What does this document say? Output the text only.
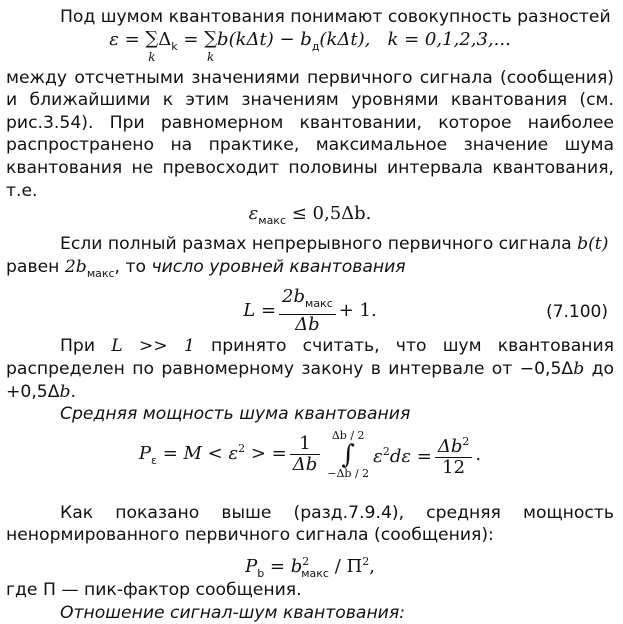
Под шумом квантования понимают совокупность разностей

ε = ∑
k
$\Delta_k$ = ∑
k
$b(k\Delta t) - b_д(k\Delta t)$, k = 0,1,2,3,...

между отсчетными значениями первичного сигнала (сообщения) и ближайшими к этим значениям уровнями квантования (см. рис.3.54). При равномерном квантовании, которое наиболее распространено на практике, максимальное значение шума квантования не превосходит половины интервала квантования, т.е.

$\varepsilon_{макс} \le 0,5\Delta b$.

Если полный размах непрерывного первичного сигнала b(t)

равен $2b_{макс}$, то число уровней квантования

$L = \frac{2b_{макс}}{\Delta b} + 1$.	(7.100)

При L >> 1 принято считать, что шум квантования распределен по равномерному закону в интервале от −0,5Δb до +0,5Δb.

Средняя мощность шума квантования

$P_\varepsilon = M < \varepsilon^2$ > = $\frac{1}{\Delta b}$	Δb / 2
∫
−Δb / 2
$\varepsilon^2d\varepsilon = \frac{\Delta b^2}{12}$ .

Как показано выше (разд.7.9.4), средняя мощность ненормированного первичного сигнала (сообщения):

$P_b = b^2_{макс} / П^2$,

где П — пик-фактор сообщения.

Отношение сигнал-шум квантования:
